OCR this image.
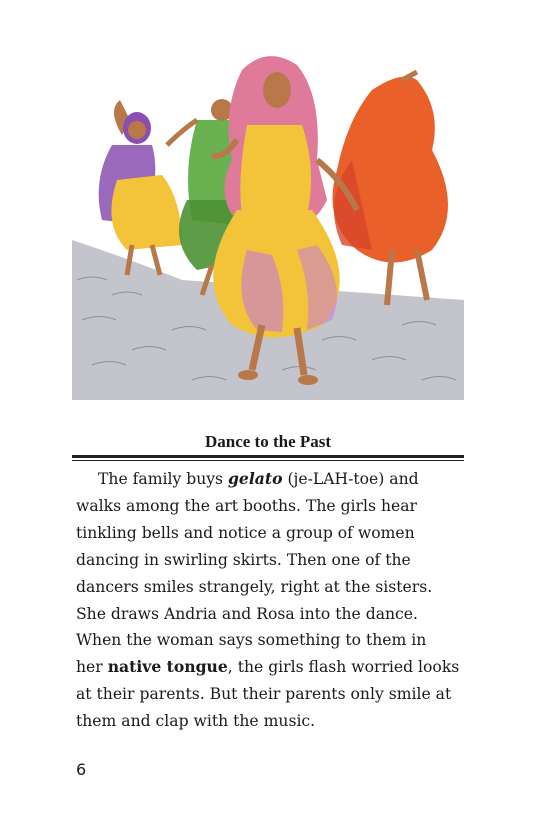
Dance to the Past
The family buys gelato (je-LAH-toe) and
walks among the art booths. The girls hear
tinkling bells and notice a group of women
dancing in swirling skirts. Then one of the
dancers smiles strangely, right at the sisters.
She draws Andria and Rosa into the dance.
When the woman says something to them in
her native tongue, the girls flash worried looks
at their parents. But their parents only smile at
them and clap with the music.
6
